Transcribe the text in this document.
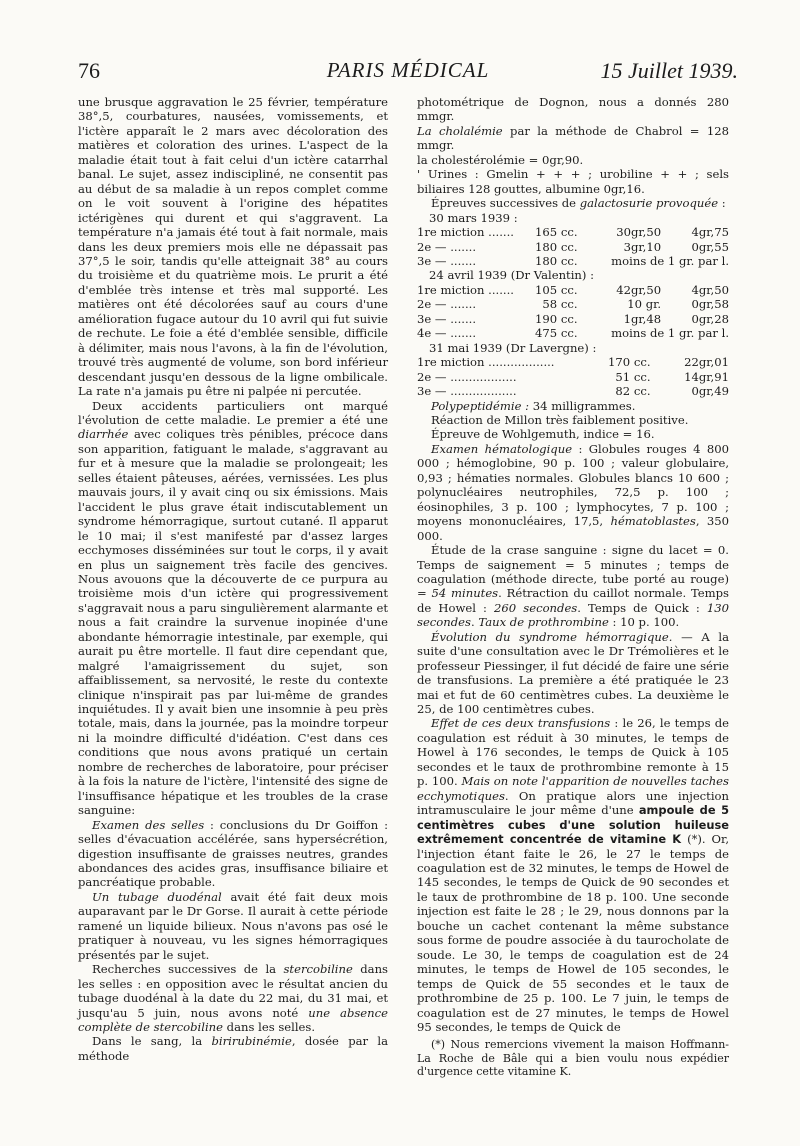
76	PARIS MÉDICAL	15 Juillet 1939.

une brusque aggravation le 25 février, température 38°,5, courbatures, nausées, vomissements, et l'ictère apparaît le 2 mars avec décoloration des matières et coloration des urines. L'aspect de la maladie était tout à fait celui d'un ictère catarrhal banal. Le sujet, assez indiscipliné, ne consentit pas au début de sa maladie à un repos complet comme on le voit souvent à l'origine des hépatites ictérigènes qui durent et qui s'aggravent. La température n'a jamais été tout à fait normale, mais dans les deux premiers mois elle ne dépassait pas 37°,5 le soir, tandis qu'elle atteignait 38° au cours du troisième et du quatrième mois. Le prurit a été d'emblée très intense et très mal supporté. Les matières ont été décolorées sauf au cours d'une amélioration fugace autour du 10 avril qui fut suivie de rechute. Le foie a été d'emblée sensible, difficile à délimiter, mais nous l'avons, à la fin de l'évolution, trouvé très augmenté de volume, son bord inférieur descendant jusqu'en dessous de la ligne ombilicale. La rate n'a jamais pu être ni palpée ni percutée.

Deux accidents particuliers ont marqué l'évolution de cette maladie. Le premier a été une diarrhée avec coliques très pénibles, précoce dans son apparition, fatiguant le malade, s'aggravant au fur et à mesure que la maladie se prolongeait; les selles étaient pâteuses, aérées, vernissées. Les plus mauvais jours, il y avait cinq ou six émissions. Mais l'accident le plus grave était indiscutablement un syndrome hémorragique, surtout cutané. Il apparut le 10 mai; il s'est manifesté par d'assez larges ecchymoses disséminées sur tout le corps, il y avait en plus un saignement très facile des gencives. Nous avouons que la découverte de ce purpura au troisième mois d'un ictère qui progressivement s'aggravait nous a paru singulièrement alarmante et nous a fait craindre la survenue inopinée d'une abondante hémorragie intestinale, par exemple, qui aurait pu être mortelle. Il faut dire cependant que, malgré l'amaigrissement du sujet, son affaiblissement, sa nervosité, le reste du contexte clinique n'inspirait pas par lui-même de grandes inquiétudes. Il y avait bien une insomnie à peu près totale, mais, dans la journée, pas la moindre torpeur ni la moindre difficulté d'idéation. C'est dans ces conditions que nous avons pratiqué un certain nombre de recherches de laboratoire, pour préciser à la fois la nature de l'ictère, l'intensité des signe de l'insuffisance hépatique et les troubles de la crase sanguine:

Examen des selles : conclusions du Dr Goiffon : selles d'évacuation accélérée, sans hypersécrétion, digestion insuffisante de graisses neutres, grandes abondances des acides gras, insuffisance biliaire et pancréatique probable.

Un tubage duodénal avait été fait deux mois auparavant par le Dr Gorse. Il aurait à cette période ramené un liquide bilieux. Nous n'avons pas osé le pratiquer à nouveau, vu les signes hémorragiques présentés par le sujet.

Recherches successives de la stercobiline dans les selles : en opposition avec le résultat ancien du tubage duodénal à la date du 22 mai, du 31 mai, et jusqu'au 5 juin, nous avons noté une absence complète de stercobiline dans les selles.

Dans le sang, la birirubinémie, dosée par la méthode

photométrique de Dognon, nous a donnés 280 mmgr.

La cholalémie par la méthode de Chabrol = 128 mmgr.

la cholestérolémie = 0gr,90.

' Urines : Gmelin + + + ; urobiline + + ; sels biliaires 128 gouttes, albumine 0gr,16.

Épreuves successives de galactosurie provoquée :

30 mars 1939 :

1re miction .......	165 cc.	30gr,50	4gr,75
2e — .......	180 cc.	3gr,10	0gr,55
3e — .......	180 cc.	moins de 1 gr. par l.	

24 avril 1939 (Dr Valentin) :

1re miction .......	105 cc.	42gr,50	4gr,50
2e — .......	58 cc.	10 gr.	0gr,58
3e — .......	190 cc.	1gr,48	0gr,28
4e — .......	475 cc.	moins de 1 gr. par l.	

31 mai 1939 (Dr Lavergne) :

1re miction ..................	170 cc.	22gr,01
2e — ..................	51 cc.	14gr,91
3e — ..................	82 cc.	0gr,49

Polypeptidémie : 34 milligrammes.

Réaction de Millon très faiblement positive.

Épreuve de Wohlgemuth, indice = 16.

Examen hématologique : Globules rouges 4 800 000 ; hémoglobine, 90 p. 100 ; valeur globulaire, 0,93 ; hématies normales. Globules blancs 10 600 ; polynucléaires neutrophiles, 72,5 p. 100 ; éosinophiles, 3 p. 100 ; lymphocytes, 7 p. 100 ; moyens mononucléaires, 17,5, hématoblastes, 350 000.

Étude de la crase sanguine : signe du lacet = 0. Temps de saignement = 5 minutes ; temps de coagulation (méthode directe, tube porté au rouge) = 54 minutes. Rétraction du caillot normale. Temps de Howel : 260 secondes. Temps de Quick : 130 secondes. Taux de prothrombine : 10 p. 100.

Évolution du syndrome hémorragique. — A la suite d'une consultation avec le Dr Trémolières et le professeur Piessinger, il fut décidé de faire une série de transfusions. La première a été pratiquée le 23 mai et fut de 60 centimètres cubes. La deuxième le 25, de 100 centimètres cubes.

Effet de ces deux transfusions : le 26, le temps de coagulation est réduit à 30 minutes, le temps de Howel à 176 secondes, le temps de Quick à 105 secondes et le taux de prothrombine remonte à 15 p. 100. Mais on note l'apparition de nouvelles taches ecchymotiques. On pratique alors une injection intramusculaire le jour même d'une ampoule de 5 centimètres cubes d'une solution huileuse extrêmement concentrée de vitamine K (*). Or, l'injection étant faite le 26, le 27 le temps de coagulation est de 32 minutes, le temps de Howel de 145 secondes, le temps de Quick de 90 secondes et le taux de prothrombine de 18 p. 100. Une seconde injection est faite le 28 ; le 29, nous donnons par la bouche un cachet contenant la même substance sous forme de poudre associée à du taurocholate de soude. Le 30, le temps de coagulation est de 24 minutes, le temps de Howel de 105 secondes, le temps de Quick de 55 secondes et le taux de prothrombine de 25 p. 100. Le 7 juin, le temps de coagulation est de 27 minutes, le temps de Howel 95 secondes, le temps de Quick de

(*) Nous remercions vivement la maison Hoffmann-La Roche de Bâle qui a bien voulu nous expédier d'urgence cette vitamine K.
